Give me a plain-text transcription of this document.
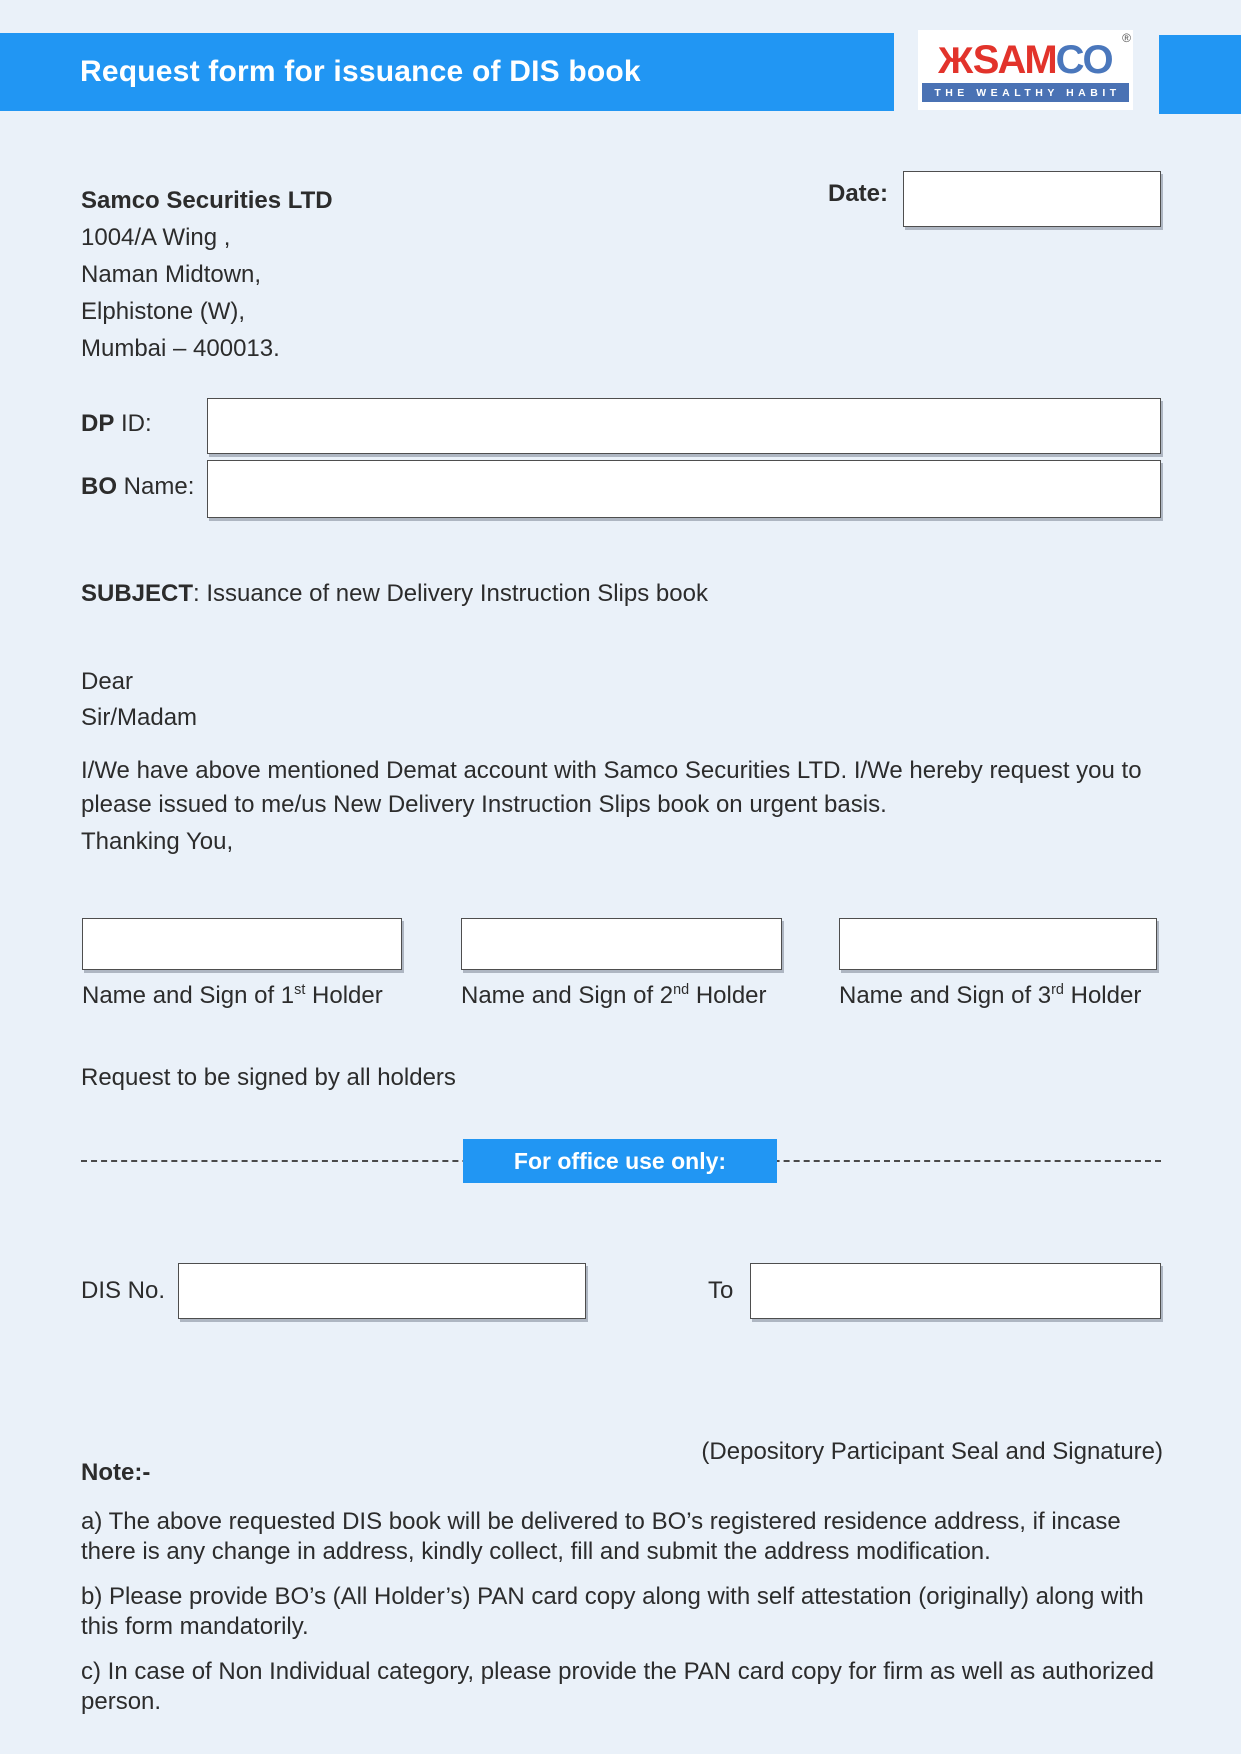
Request form for issuance of DIS book
®
Ж SAM CO
THE WEALTHY HABIT
Samco Securities LTD
1004/A Wing ,
Naman Midtown,
Elphistone (W),
Mumbai – 400013.
Date:
DP ID:
BO Name:
SUBJECT: Issuance of new Delivery Instruction Slips book
Dear
Sir/Madam
I/We have above mentioned Demat account with Samco Securities LTD. I/We hereby request you to please issued to me/us New Delivery Instruction Slips book on urgent basis.
Thanking You,
Name and Sign of 1st Holder	Name and Sign of 2nd Holder	Name and Sign of 3rd Holder
Request to be signed by all holders
For office use only:
DIS No.	To
(Depository Participant Seal and Signature)
Note:-

a) The above requested DIS book will be delivered to BO’s registered residence address, if incase there is any change in address, kindly collect, fill and submit the address modification.

b) Please provide BO’s (All Holder’s) PAN card copy along with self attestation (originally) along with this form mandatorily.

c) In case of Non Individual category, please provide the PAN card copy for firm as well as authorized person.
